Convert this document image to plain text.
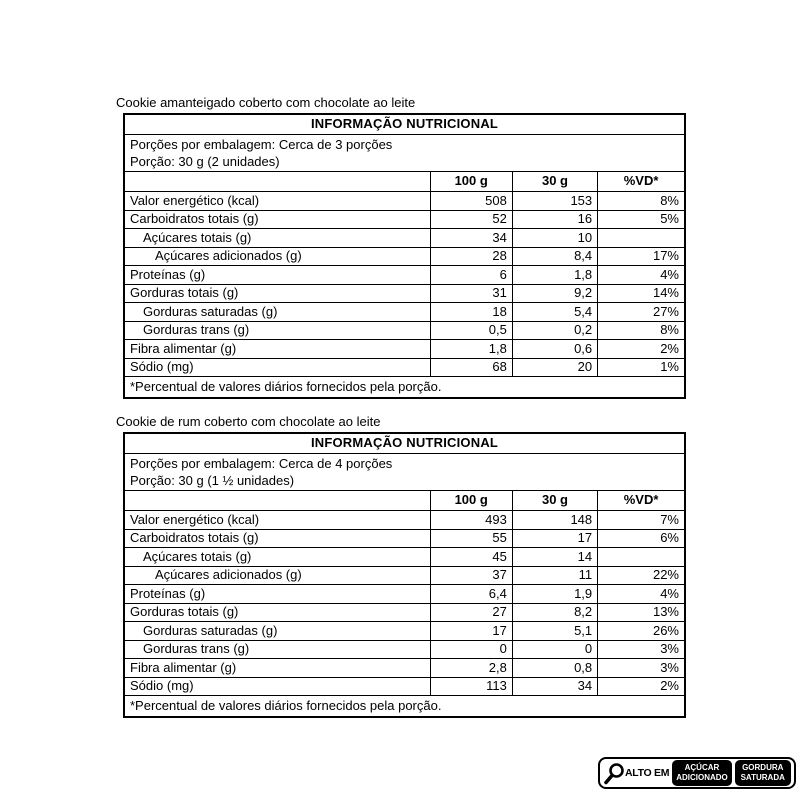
Cookie amanteigado coberto com chocolate ao leite
INFORMAÇÃO NUTRICIONAL			

Porções por embalagem: Cerca de 3 porções
Porção: 30 g (2 unidades)			

	100 g	30 g	%VD*
Valor energético (kcal)	508	153	8%
Carboidratos totais (g)	52	16	5%
Açúcares totais (g)	34	10	
Açúcares adicionados (g)	28	8,4	17%
Proteínas (g)	6	1,8	4%
Gorduras totais (g)	31	9,2	14%
Gorduras saturadas (g)	18	5,4	27%
Gorduras trans (g)	0,5	0,2	8%
Fibra alimentar (g)	1,8	0,6	2%
Sódio (mg)	68	20	1%
*Percentual de valores diários fornecidos pela porção.			
Cookie de rum coberto com chocolate ao leite
INFORMAÇÃO NUTRICIONAL			

Porções por embalagem: Cerca de 4 porções
Porção: 30 g (1 ½ unidades)			

	100 g	30 g	%VD*
Valor energético (kcal)	493	148	7%
Carboidratos totais (g)	55	17	6%
Açúcares totais (g)	45	14	
Açúcares adicionados (g)	37	11	22%
Proteínas (g)	6,4	1,9	4%
Gorduras totais (g)	27	8,2	13%
Gorduras saturadas (g)	17	5,1	26%
Gorduras trans (g)	0	0	3%
Fibra alimentar (g)	2,8	0,8	3%
Sódio (mg)	113	34	2%
*Percentual de valores diários fornecidos pela porção.			
ALTO EM	AÇÚCAR
ADICIONADO
GORDURA
SATURADA
